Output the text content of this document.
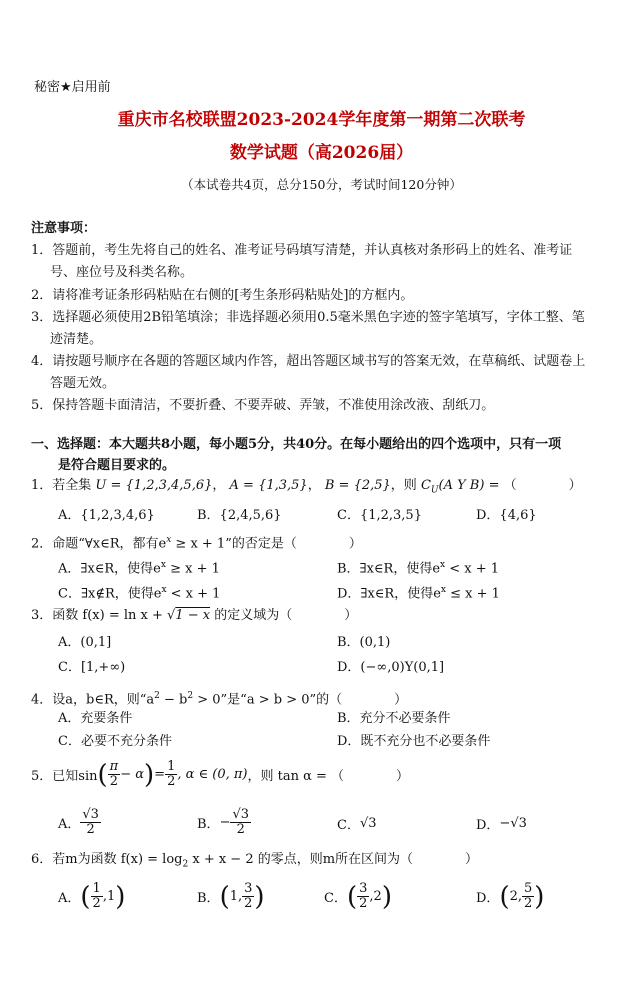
秘密★启用前
重庆市名校联盟2023-2024学年度第一期第二次联考
数学试题（高2026届）
（本试卷共4页，总分150分，考试时间120分钟）
注意事项：
1．答题前，考生先将自己的姓名、准考证号码填写清楚，并认真核对条形码上的姓名、准考证
号、座位号及科类名称。
2．请将准考证条形码粘贴在右侧的[考生条形码粘贴处]的方框内。
3．选择题必须使用2B铅笔填涂；非选择题必须用0.5毫米黑色字迹的签字笔填写，字体工整、笔
迹清楚。
4．请按题号顺序在各题的答题区域内作答，超出答题区域书写的答案无效，在草稿纸、试题卷上
答题无效。
5．保持答题卡面清洁，不要折叠、不要弄破、弄皱，不准使用涂改液、刮纸刀。
一、选择题：本大题共8小题，每小题5分，共40分。在每小题给出的四个选项中，只有一项
是符合题目要求的。
1．若全集 U = {1,2,3,4,5,6}， A = {1,3,5}， B = {2,5}，则 $C_U(A$ Y B) = （　　　　）
A．{1,2,3,4,6}	B．{2,4,5,6}	C．{1,2,3,5}	D．{4,6}
2．命题“∀x∈R，都有$e^x \ge x + 1$”的否定是（　　　　）
A．∃x∈R，使得$e^x \ge x + 1$	B．∃x∈R，使得$e^x < x + 1$
C．∃x∉R，使得$e^x < x + 1$	D．∃x∈R，使得$e^x \le x + 1$
3．函数 f(x) = ln x + √1 − x 的定义域为（　　　　）
A．(0,1]	B．(0,1)
C．[1,+∞)	D．(−∞,0)Y(0,1]
4．设a，b∈R，则“$a^2 - b^2 > 0$”是“a > b > 0”的（　　　　）
A．充要条件	B．充分不必要条件
C．必要不充分条件	D．既不充分也不必要条件
5．已知sin ( $\frac{\pi}{2} - \alpha$ ) = $\frac{1}{2}$ , α ∈ (0, π) ，则 tan α = （　　　　）
A． $\frac{√3}{2}$	B． − $\frac{√3}{2}$	C． √3	D． −√3
6．若m为函数 $f(x) = \log_2 x + x - 2$ 的零点，则m所在区间为（　　　　）
A． ( $\frac{1}{2}$ , 1 )	B． ( 1 , $\frac{3}{2}$ )	C． ( $\frac{3}{2}$ , 2 )	D． ( 2 , $\frac{5}{2}$ )
